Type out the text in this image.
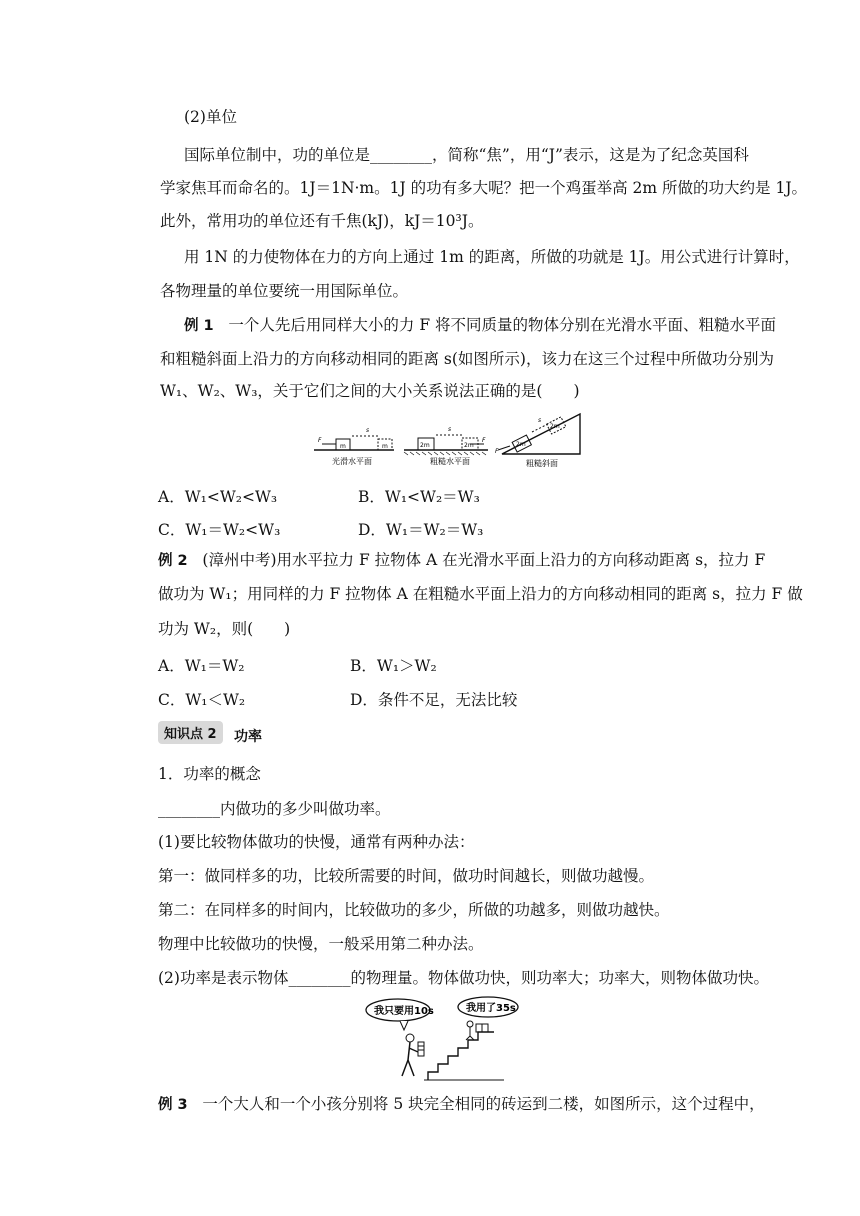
(2)单位
国际单位制中，功的单位是________，简称“焦”，用“J”表示，这是为了纪念英国科
学家焦耳而命名的。1J＝1N·m。1J 的功有多大呢？把一个鸡蛋举高 2m 所做的功大约是 1J。
此外，常用功的单位还有千焦(kJ)，kJ＝10³J。
用 1N 的力使物体在力的方向上通过 1m 的距离，所做的功就是 1J。用公式进行计算时，
各物理量的单位要统一用国际单位。
例 1 一个人先后用同样大小的力 F 将不同质量的物体分别在光滑水平面、粗糙水平面
和粗糙斜面上沿力的方向移动相同的距离 s(如图所示)，该力在这三个过程中所做功分别为
W₁、W₂、W₃，关于它们之间的大小关系说法正确的是(　　)
m
F
s
m
光滑水平面
2m
F
s
2m
粗糙水平面
2m
F
s
2m
粗糙斜面
A．W₁<W₂<W₃	B．W₁<W₂＝W₃
C．W₁＝W₂<W₃	D．W₁＝W₂＝W₃
例 2 (漳州中考)用水平拉力 F 拉物体 A 在光滑水平面上沿力的方向移动距离 s，拉力 F
做功为 W₁；用同样的力 F 拉物体 A 在粗糙水平面上沿力的方向移动相同的距离 s，拉力 F 做
功为 W₂，则(　　)
A．W₁＝W₂	B．W₁＞W₂
C．W₁＜W₂	D．条件不足，无法比较
知识点 2	功率
1．功率的概念
________内做功的多少叫做功率。
(1)要比较物体做功的快慢，通常有两种办法：
第一：做同样多的功，比较所需要的时间，做功时间越长，则做功越慢。
第二：在同样多的时间内，比较做功的多少，所做的功越多，则做功越快。
物理中比较做功的快慢，一般采用第二种办法。
(2)功率是表示物体________的物理量。物体做功快，则功率大；功率大，则物体做功快。
我只要用10s	我用了35s
例 3 一个大人和一个小孩分别将 5 块完全相同的砖运到二楼，如图所示，这个过程中，
